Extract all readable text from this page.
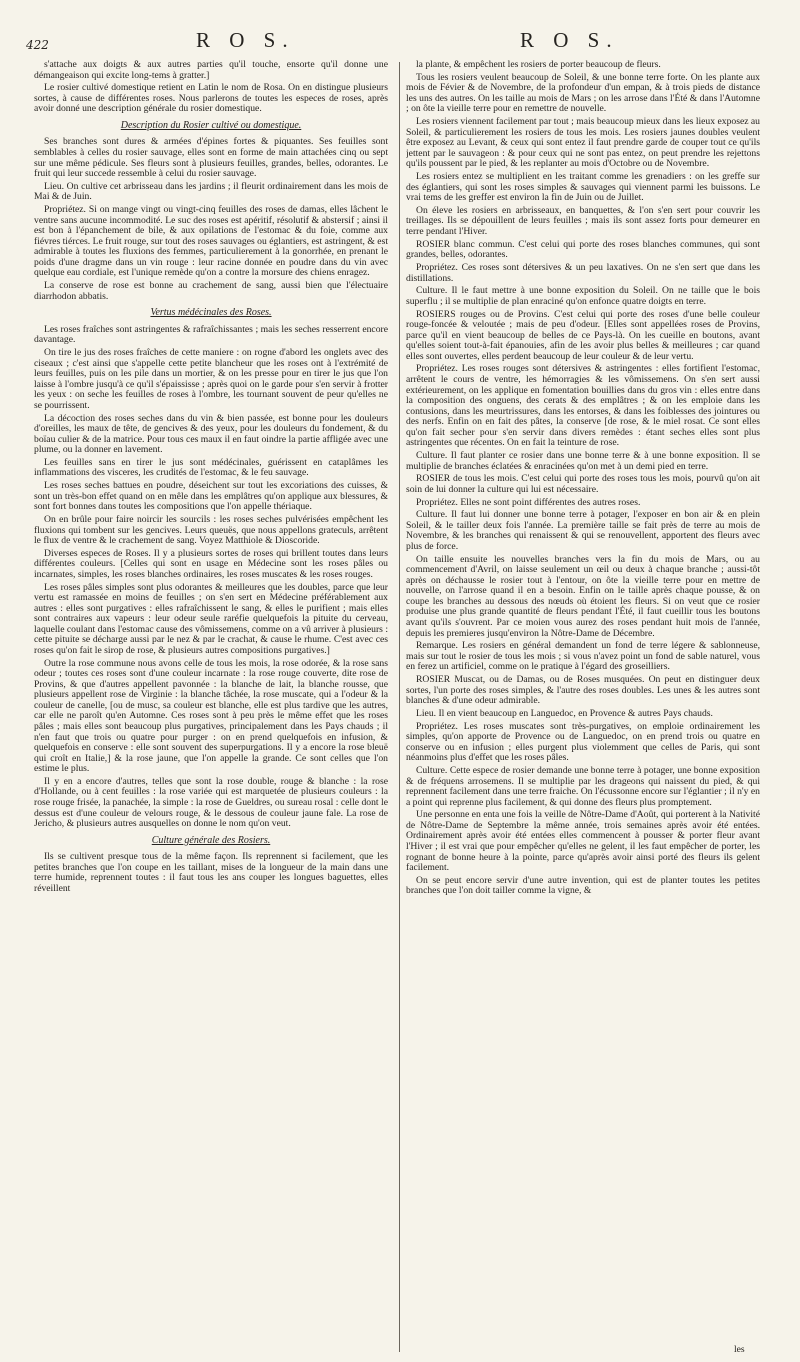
422	R O S.	R O S.

s'attache aux doigts & aux autres parties qu'il touche, ensorte qu'il donne une démangeaison qui excite long-tems à gratter.]

Le rosier cultivé domestique retient en Latin le nom de Rosa. On en distingue plusieurs sortes, à cause de différentes roses. Nous parlerons de toutes les especes de roses, après avoir donné une description générale du rosier domestique.

Description du Rosier cultivé ou domestique.

Ses branches sont dures & armées d'épines fortes & piquantes. Ses feuilles sont semblables à celles du rosier sauvage, elles sont en forme de main attachées cinq ou sept sur une même pédicule. Ses fleurs sont à plusieurs feuilles, grandes, belles, odorantes. Le fruit qui leur succede ressemble à celui du rosier sauvage.

Lieu. On cultive cet arbrisseau dans les jardins ; il fleurit ordinairement dans les mois de Mai & de Juin.

Propriétez. Si on mange vingt ou vingt-cinq feuilles des roses de damas, elles lâchent le ventre sans aucune incommodité. Le suc des roses est apéritif, résolutif & abstersif ; ainsi il est bon à l'épanchement de bile, & aux opilations de l'estomac & du foie, comme aux fiévres tiérces. Le fruit rouge, sur tout des roses sauvages ou églantiers, est astringent, & est admirable à toutes les fluxions des femmes, particulierement à la gonorrhée, en prenant le poids d'une dragme dans un vin rouge : leur racine donnée en poudre dans du vin avec quelque eau cordiale, est l'unique remède qu'on a contre la morsure des chiens enragez.

La conserve de rose est bonne au crachement de sang, aussi bien que l'électuaire diarrhodon abbatis.

Vertus médécinales des Roses.

Les roses fraîches sont astringentes & rafraîchissantes ; mais les seches resserrent encore davantage.

On tire le jus des roses fraîches de cette maniere : on rogne d'abord les onglets avec des ciseaux ; c'est ainsi que s'appelle cette petite blancheur que les roses ont à l'extrémité de leurs feuilles, puis on les pile dans un mortier, & on les presse pour en tirer le jus que l'on laisse à l'ombre jusqu'à ce qu'il s'épaississe ; après quoi on le garde pour s'en servir à frotter les yeux : on seche les feuilles de roses à l'ombre, les tournant souvent de peur qu'elles ne se pourrissent.

La décoction des roses seches dans du vin & bien passée, est bonne pour les douleurs d'oreilles, les maux de tête, de gencives & des yeux, pour les douleurs du fondement, & du boïau culier & de la matrice. Pour tous ces maux il en faut oindre la partie affligée avec une plume, ou la donner en lavement.

Les feuilles sans en tirer le jus sont médécinales, guérissent en cataplâmes les inflammations des visceres, les crudités de l'estomac, & le feu sauvage.

Les roses seches battues en poudre, déseichent sur tout les excoriations des cuisses, & sont un très-bon effet quand on en mêle dans les emplâtres qu'on applique aux blessures, & sont fort bonnes dans toutes les compositions que l'on appelle thériaque.

On en brûle pour faire noircir les sourcils : les roses seches pulvérisées empêchent les fluxions qui tombent sur les gencives. Leurs queuës, que nous appellons grateculs, arrêtent le flux de ventre & le crachement de sang. Voyez Matthiole & Dioscoride.

Diverses especes de Roses. Il y a plusieurs sortes de roses qui brillent toutes dans leurs différentes couleurs. [Celles qui sont en usage en Médecine sont les roses pâles ou incarnates, simples, les roses blanches ordinaires, les roses muscates & les roses rouges.

Les roses pâles simples sont plus odorantes & meilleures que les doubles, parce que leur vertu est ramassée en moins de feuilles ; on s'en sert en Médecine préférablement aux autres : elles sont purgatives : elles rafraîchissent le sang, & elles le purifient ; mais elles sont contraires aux vapeurs : leur odeur seule raréfie quelquefois la pituite du cerveau, laquelle coulant dans l'estomac cause des vômissemens, comme on a vû arriver à plusieurs : cette pituite se décharge aussi par le nez & par le crachat, & cause le rhume. C'est avec ces roses qu'on fait le sirop de rose, & plusieurs autres compositions purgatives.]

Outre la rose commune nous avons celle de tous les mois, la rose odorée, & la rose sans odeur ; toutes ces roses sont d'une couleur incarnate : la rose rouge couverte, dite rose de Provins, & que d'autres appellent pavonnée : la blanche de lait, la blanche rousse, que plusieurs appellent rose de Virginie : la blanche tâchée, la rose muscate, qui a l'odeur & la couleur de canelle, [ou de musc, sa couleur est blanche, elle est plus tardive que les autres, car elle ne paroît qu'en Automne. Ces roses sont à peu près le même effet que les roses pâles ; mais elles sont beaucoup plus purgatives, principalement dans les Pays chauds ; il n'en faut que trois ou quatre pour purger : on en prend quelquefois en infusion, & quelquefois en conserve : elle sont souvent des superpurgations. Il y a encore la rose bleuë qui croît en Italie,] & la rose jaune, que l'on appelle la grande. Ce sont celles que l'on estime le plus.

Il y en a encore d'autres, telles que sont la rose double, rouge & blanche : la rose d'Hollande, ou à cent feuilles : la rose variée qui est marquetée de plusieurs couleurs : la rose rouge frisée, la panachée, la simple : la rose de Gueldres, ou sureau rosal : celle dont le dessus est d'une couleur de velours rouge, & le dessous de couleur jaune fale. La rose de Jericho, & plusieurs autres ausquelles on donne le nom qu'on veut.

Culture générale des Rosiers.

Ils se cultivent presque tous de la même façon. Ils reprennent si facilement, que les petites branches que l'on coupe en les taillant, mises de la longueur de la main dans une terre humide, reprennent toutes : il faut tous les ans couper les longues baguettes, elles réveillent

la plante, & empêchent les rosiers de porter beaucoup de fleurs.

Tous les rosiers veulent beaucoup de Soleil, & une bonne terre forte. On les plante aux mois de Févier & de Novembre, de la profondeur d'un empan, & à trois pieds de distance les uns des autres. On les taille au mois de Mars ; on les arrose dans l'Été & dans l'Automne ; on ôte la vieille terre pour en remettre de nouvelle.

Les rosiers viennent facilement par tout ; mais beaucoup mieux dans les lieux exposez au Soleil, & particulierement les rosiers de tous les mois. Les rosiers jaunes doubles veulent être exposez au Levant, & ceux qui sont entez il faut prendre garde de couper tout ce qu'ils jettent par le sauvageon : & pour ceux qui ne sont pas entez, on peut prendre les rejettons qu'ils poussent par le pied, & les replanter au mois d'Octobre ou de Novembre.

Les rosiers entez se multiplient en les traitant comme les grenadiers : on les greffe sur des églantiers, qui sont les roses simples & sauvages qui viennent parmi les buissons. Le vrai tems de les greffer est environ la fin de Juin ou de Juillet.

On éleve les rosiers en arbrisseaux, en banquettes, & l'on s'en sert pour couvrir les treillages. Ils se dépouillent de leurs feuilles ; mais ils sont assez forts pour demeurer en terre pendant l'Hiver.

ROSIER blanc commun. C'est celui qui porte des roses blanches communes, qui sont grandes, belles, odorantes.

Propriétez. Ces roses sont détersives & un peu laxatives. On ne s'en sert que dans les distillations.

Culture. Il le faut mettre à une bonne exposition du Soleil. On ne taille que le bois superflu ; il se multiplie de plan enraciné qu'on enfonce quatre doigts en terre.

ROSIERS rouges ou de Provins. C'est celui qui porte des roses d'une belle couleur rouge-foncée & veloutée ; mais de peu d'odeur. [Elles sont appellées roses de Provins, parce qu'il en vient beaucoup de belles de ce Pays-là. On les cueille en boutons, avant qu'elles soient tout-à-fait épanouies, afin de les avoir plus belles & meilleures ; car quand elles sont ouvertes, elles perdent beaucoup de leur couleur & de leur vertu.

Propriétez. Les roses rouges sont détersives & astringentes : elles fortifient l'estomac, arrêtent le cours de ventre, les hémorragies & les vômissemens. On s'en sert aussi extérieurement, on les applique en fomentation bouillies dans du gros vin : elles entre dans la composition des onguens, des cerats & des emplâtres ; & on les emploie dans les contusions, dans les meurtrissures, dans les entorses, & dans les foiblesses des jointures ou des nerfs. Enfin on en fait des pâtes, la conserve [de rose, & le miel rosat. Ce sont elles qu'on fait secher pour s'en servir dans divers remèdes : étant seches elles sont plus astringentes que récentes. On en fait la teinture de rose.

Culture. Il faut planter ce rosier dans une bonne terre & à une bonne exposition. Il se multiplie de branches éclatées & enracinées qu'on met à un demi pied en terre.

ROSIER de tous les mois. C'est celui qui porte des roses tous les mois, pourvû qu'on ait soin de lui donner la culture qui lui est nécessaire.

Propriétez. Elles ne sont point différentes des autres roses.

Culture. Il faut lui donner une bonne terre à potager, l'exposer en bon air & en plein Soleil, & le tailler deux fois l'année. La première taille se fait près de terre au mois de Novembre, & les branches qui renaissent & qui se renouvellent, apportent des fleurs avec plus de force.

On taille ensuite les nouvelles branches vers la fin du mois de Mars, ou au commencement d'Avril, on laisse seulement un œil ou deux à chaque branche ; aussi-tôt après on déchausse le rosier tout à l'entour, on ôte la vieille terre pour en mettre de nouvelle, on l'arrose quand il en a besoin. Enfin on le taille après chaque pousse, & on coupe les branches au dessous des nœuds où étoient les fleurs. Si on veut que ce rosier produise une plus grande quantité de fleurs pendant l'Été, il faut cueillir tous les boutons avant qu'ils s'ouvrent. Par ce moien vous aurez des roses pendant huit mois de l'année, depuis les premieres jusqu'environ la Nôtre-Dame de Décembre.

Remarque. Les rosiers en général demandent un fond de terre légere & sablonneuse, mais sur tout le rosier de tous les mois ; si vous n'avez point un fond de sable naturel, vous en ferez un artificiel, comme on le pratique à l'égard des groseilliers.

ROSIER Muscat, ou de Damas, ou de Roses musquées. On peut en distinguer deux sortes, l'un porte des roses simples, & l'autre des roses doubles. Les unes & les autres sont blanches & d'une odeur admirable.

Lieu. Il en vient beaucoup en Languedoc, en Provence & autres Pays chauds.

Propriétez. Les roses muscates sont très-purgatives, on emploie ordinairement les simples, qu'on apporte de Provence ou de Languedoc, on en prend trois ou quatre en conserve ou en infusion ; elles purgent plus violemment que celles de Paris, qui sont néanmoins plus d'effet que les roses pâles.

Culture. Cette espece de rosier demande une bonne terre à potager, une bonne exposition & de fréquens arrosemens. Il se multiplie par les drageons qui naissent du pied, & qui reprennent facilement dans une terre fraiche. On l'écussonne encore sur l'églantier ; il n'y en a point qui reprenne plus facilement, & qui donne des fleurs plus promptement.

Une personne en enta une fois la veille de Nôtre-Dame d'Août, qui porterent à la Nativité de Nôtre-Dame de Septembre la même année, trois semaines après avoir été entées. Ordinairement après avoir été entées elles commencent à pousser & porter fleur avant l'Hiver ; il est vrai que pour empêcher qu'elles ne gelent, il les faut empêcher de porter, les rognant de bonne heure à la pointe, parce qu'après avoir ainsi porté des fleurs ils gelent facilement.

On se peut encore servir d'une autre invention, qui est de planter toutes les petites branches que l'on doit tailler comme la vigne, &

les
